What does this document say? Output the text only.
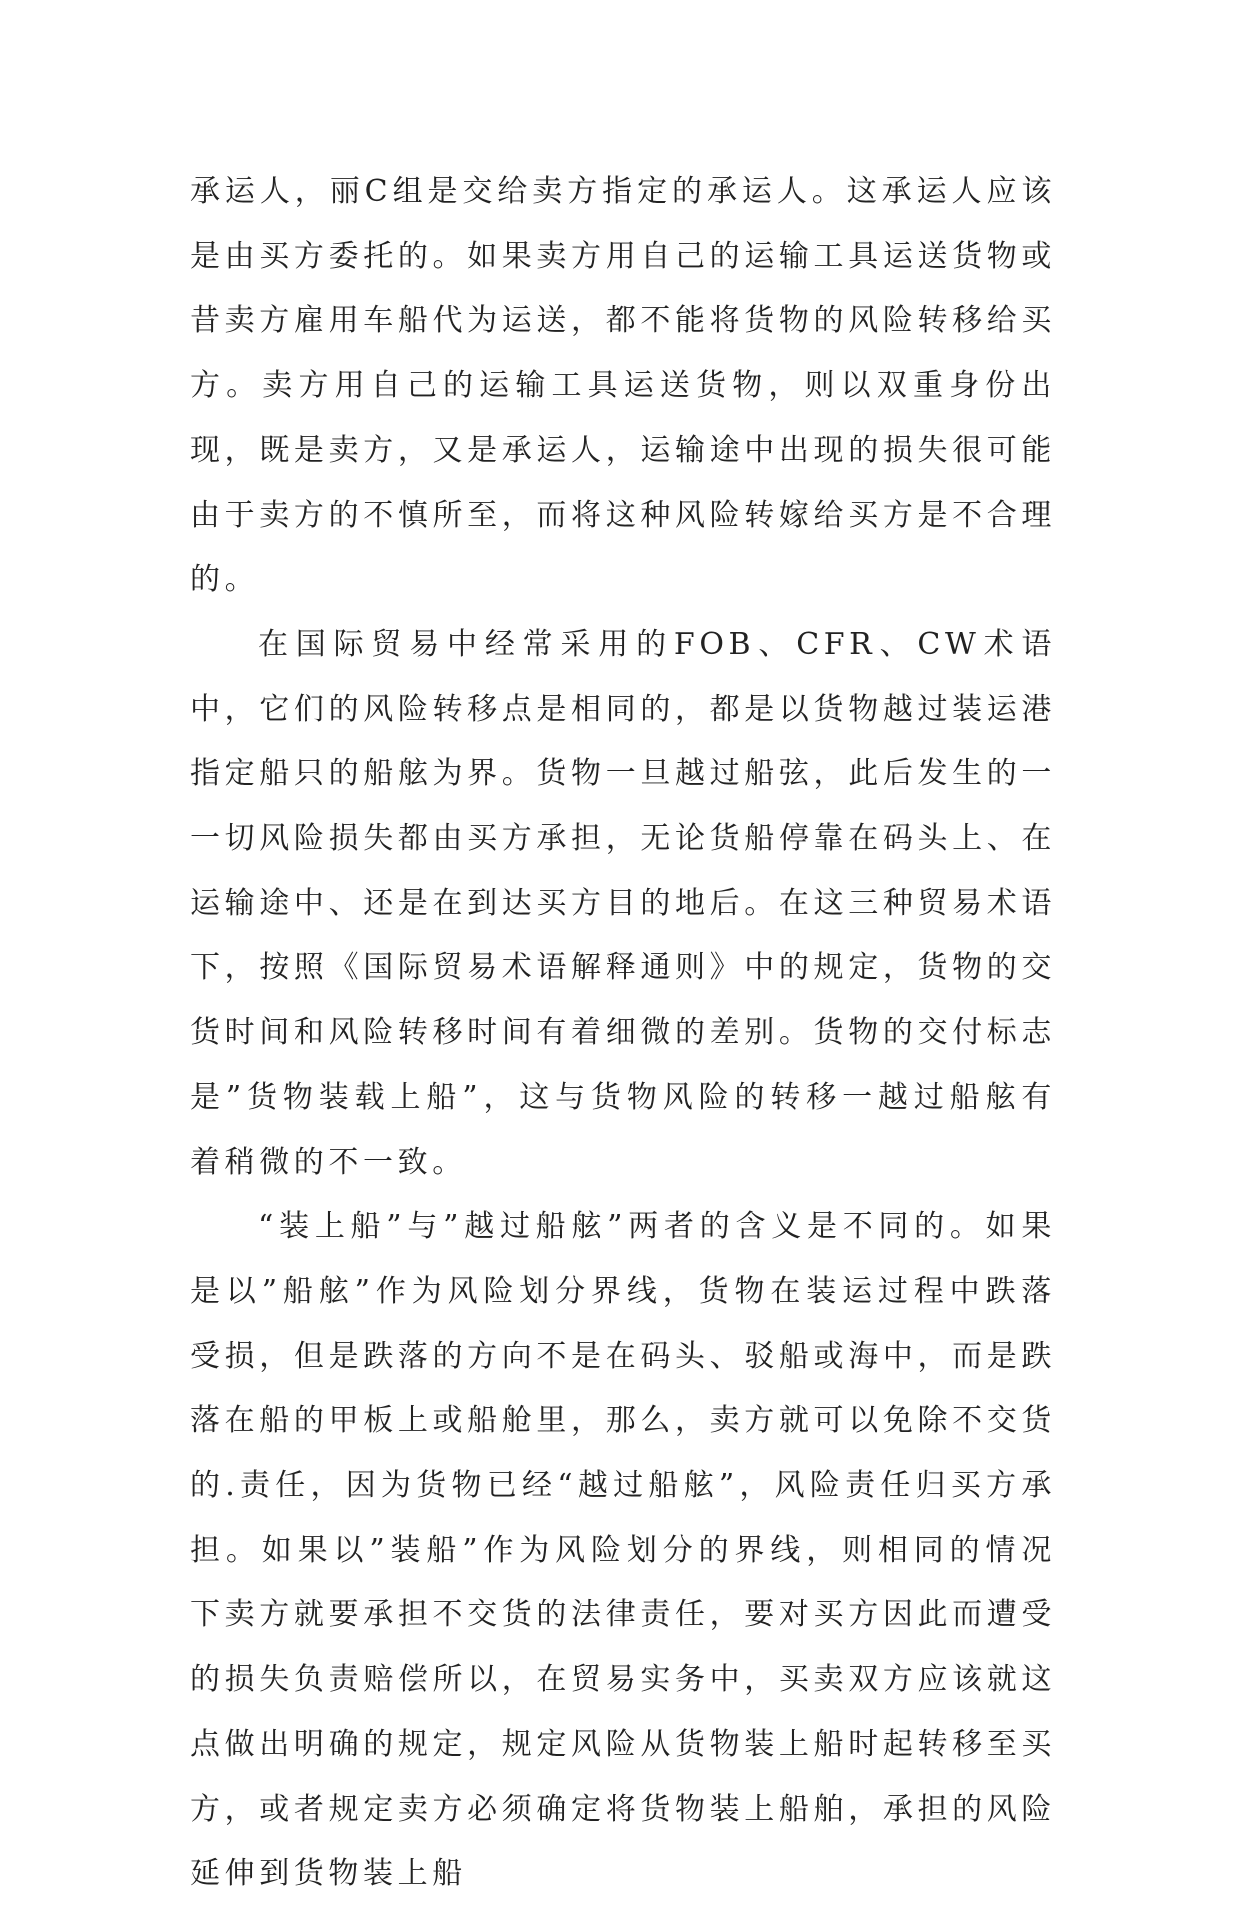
承运人，丽C组是交给卖方指定的承运人。这承运人应该是由买方委托的。如果卖方用自己的运输工具运送货物或昔卖方雇用车船代为运送，都不能将货物的风险转移给买方。卖方用自己的运输工具运送货物，则以双重身份出现，既是卖方，又是承运人，运输途中出现的损失很可能由于卖方的不慎所至，而将这种风险转嫁给买方是不合理的。

在国际贸易中经常采用的FOB、CFR、CW术语中，它们的风险转移点是相同的，都是以货物越过装运港指定船只的船舷为界。货物一旦越过船弦，此后发生的一一切风险损失都由买方承担，无论货船停靠在码头上、在运输途中、还是在到达买方目的地后。在这三种贸易术语下，按照《国际贸易术语解释通则》中的规定，货物的交货时间和风险转移时间有着细微的差别。货物的交付标志是”货物装载上船”，这与货物风险的转移一越过船舷有着稍微的不一致。

“装上船”与”越过船舷”两者的含义是不同的。如果是以”船舷”作为风险划分界线，货物在装运过程中跌落受损，但是跌落的方向不是在码头、驳船或海中，而是跌落在船的甲板上或船舱里，那么，卖方就可以免除不交货的.责任，因为货物已经“越过船舷”，风险责任归买方承担。如果以”装船”作为风险划分的界线，则相同的情况下卖方就要承担不交货的法律责任，要对买方因此而遭受的损失负责赔偿所以，在贸易实务中，买卖双方应该就这点做出明确的规定，规定风险从货物装上船时起转移至买方，或者规定卖方必须确定将货物装上船舶，承担的风险延伸到货物装上船
